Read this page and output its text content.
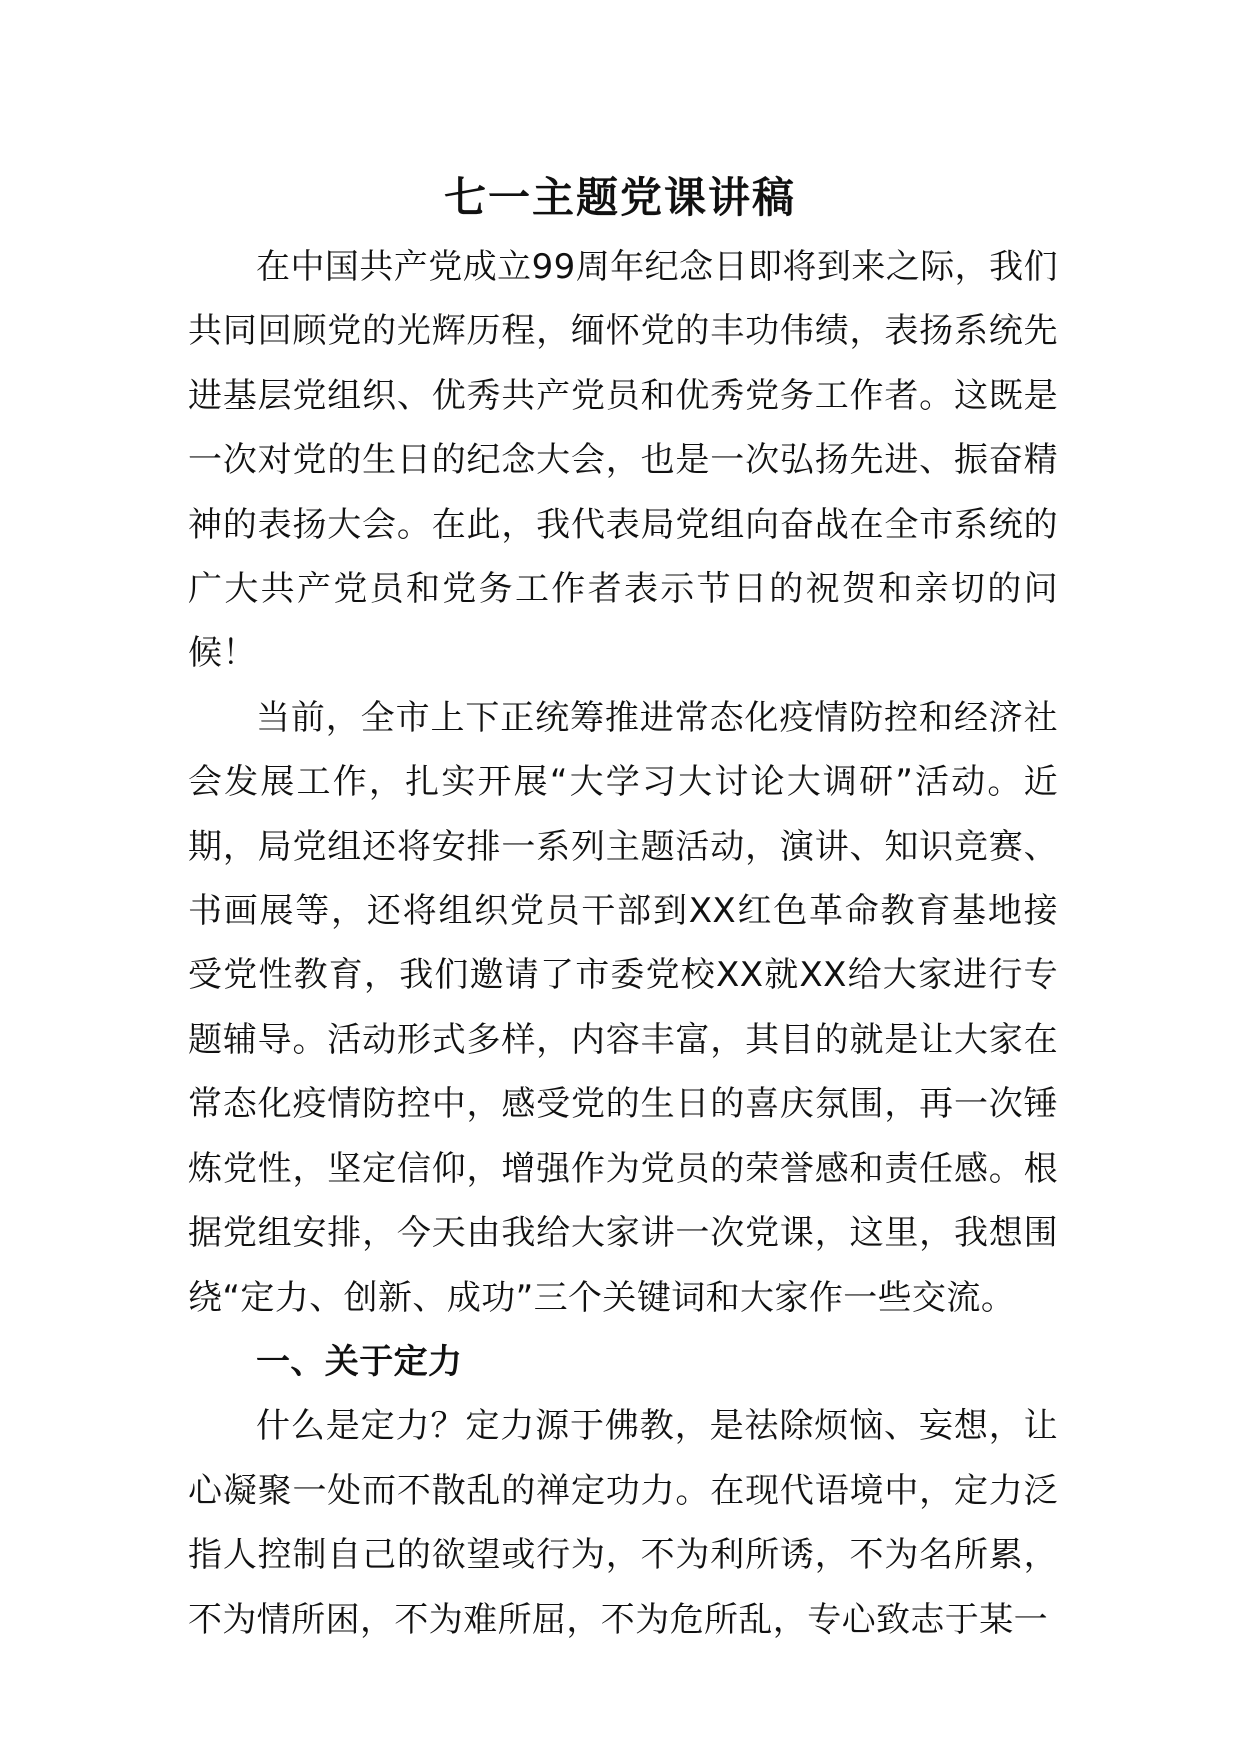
七一主题党课讲稿

在中国共产党成立99周年纪念日即将到来之际，我们共同回顾党的光辉历程，缅怀党的丰功伟绩，表扬系统先进基层党组织、优秀共产党员和优秀党务工作者。这既是一次对党的生日的纪念大会，也是一次弘扬先进、振奋精神的表扬大会。在此，我代表局党组向奋战在全市系统的广大共产党员和党务工作者表示节日的祝贺和亲切的问候！

当前，全市上下正统筹推进常态化疫情防控和经济社会发展工作，扎实开展“大学习大讨论大调研”活动。近期，局党组还将安排一系列主题活动，演讲、知识竞赛、书画展等，还将组织党员干部到XX红色革命教育基地接受党性教育，我们邀请了市委党校XX就XX给大家进行专题辅导。活动形式多样，内容丰富，其目的就是让大家在常态化疫情防控中，感受党的生日的喜庆氛围，再一次锤炼党性，坚定信仰，增强作为党员的荣誉感和责任感。根据党组安排，今天由我给大家讲一次党课，这里，我想围绕“定力、创新、成功”三个关键词和大家作一些交流。

一、关于定力

什么是定力？定力源于佛教，是祛除烦恼、妄想，让心凝聚一处而不散乱的禅定功力。在现代语境中，定力泛指人控制自己的欲望或行为，不为利所诱，不为名所累，不为情所困，不为难所屈，不为危所乱，专心致志于某一
